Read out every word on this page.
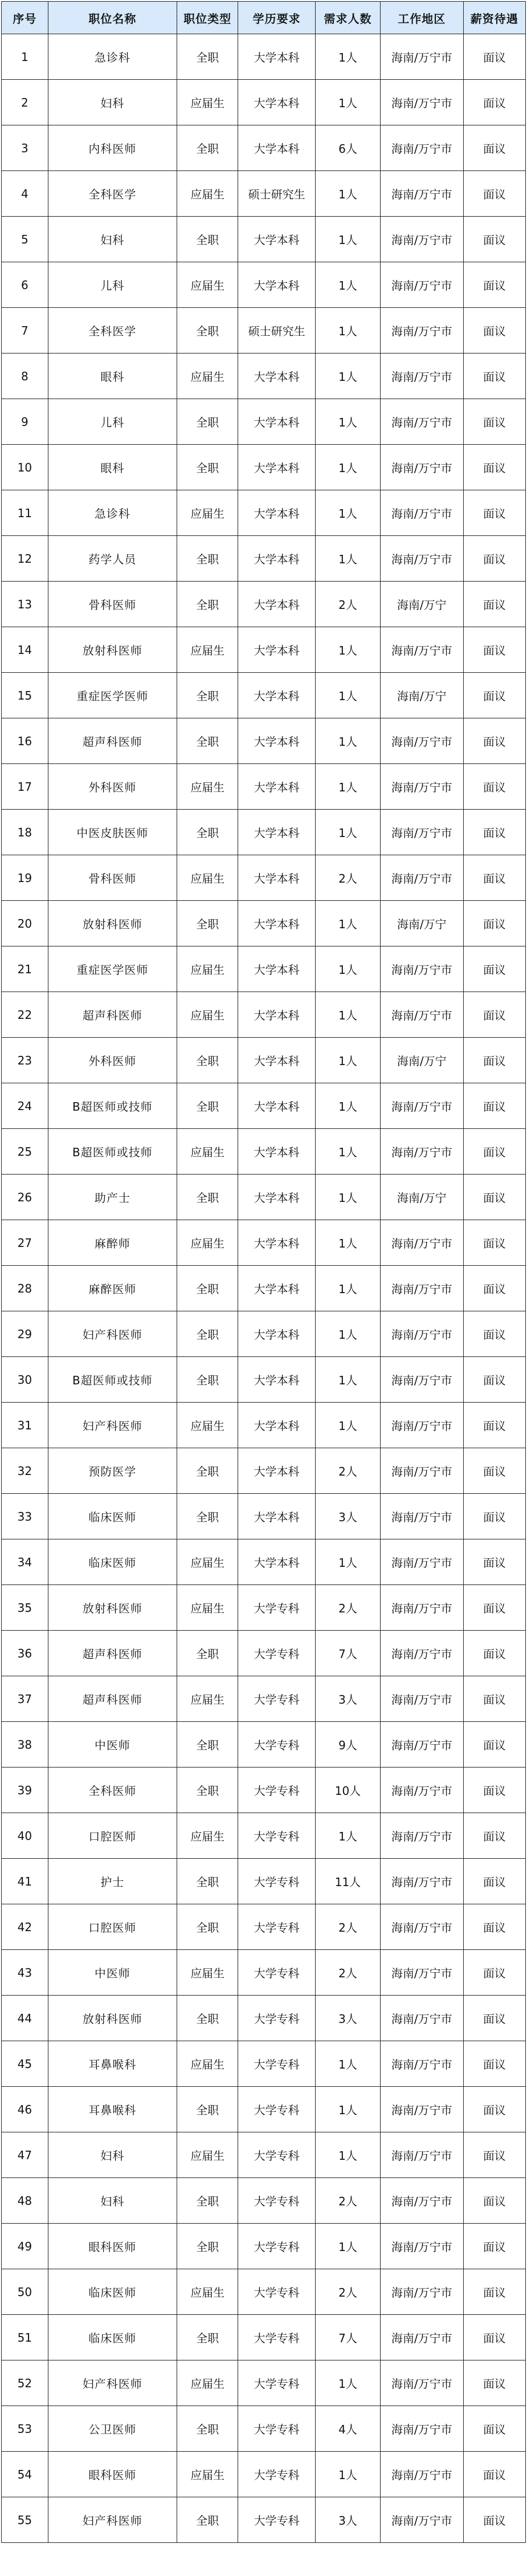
序号	职位名称	职位类型	学历要求	需求人数	工作地区	薪资待遇
1	急诊科	全职	大学本科	1人	海南/万宁市	面议
2	妇科	应届生	大学本科	1人	海南/万宁市	面议
3	内科医师	全职	大学本科	6人	海南/万宁市	面议
4	全科医学	应届生	硕士研究生	1人	海南/万宁市	面议
5	妇科	全职	大学本科	1人	海南/万宁市	面议
6	儿科	应届生	大学本科	1人	海南/万宁市	面议
7	全科医学	全职	硕士研究生	1人	海南/万宁市	面议
8	眼科	应届生	大学本科	1人	海南/万宁市	面议
9	儿科	全职	大学本科	1人	海南/万宁市	面议
10	眼科	全职	大学本科	1人	海南/万宁市	面议
11	急诊科	应届生	大学本科	1人	海南/万宁市	面议
12	药学人员	全职	大学本科	1人	海南/万宁市	面议
13	骨科医师	全职	大学本科	2人	海南/万宁	面议
14	放射科医师	应届生	大学本科	1人	海南/万宁市	面议
15	重症医学医师	全职	大学本科	1人	海南/万宁	面议
16	超声科医师	全职	大学本科	1人	海南/万宁市	面议
17	外科医师	应届生	大学本科	1人	海南/万宁市	面议
18	中医皮肤医师	全职	大学本科	1人	海南/万宁市	面议
19	骨科医师	应届生	大学本科	2人	海南/万宁市	面议
20	放射科医师	全职	大学本科	1人	海南/万宁	面议
21	重症医学医师	应届生	大学本科	1人	海南/万宁市	面议
22	超声科医师	应届生	大学本科	1人	海南/万宁市	面议
23	外科医师	全职	大学本科	1人	海南/万宁	面议
24	B超医师或技师	全职	大学本科	1人	海南/万宁市	面议
25	B超医师或技师	应届生	大学本科	1人	海南/万宁市	面议
26	助产士	全职	大学本科	1人	海南/万宁	面议
27	麻醉师	应届生	大学本科	1人	海南/万宁市	面议
28	麻醉医师	全职	大学本科	1人	海南/万宁市	面议
29	妇产科医师	全职	大学本科	1人	海南/万宁市	面议
30	B超医师或技师	全职	大学本科	1人	海南/万宁市	面议
31	妇产科医师	应届生	大学本科	1人	海南/万宁市	面议
32	预防医学	全职	大学本科	2人	海南/万宁市	面议
33	临床医师	全职	大学本科	3人	海南/万宁市	面议
34	临床医师	应届生	大学本科	1人	海南/万宁市	面议
35	放射科医师	应届生	大学专科	2人	海南/万宁市	面议
36	超声科医师	全职	大学专科	7人	海南/万宁市	面议
37	超声科医师	应届生	大学专科	3人	海南/万宁市	面议
38	中医师	全职	大学专科	9人	海南/万宁市	面议
39	全科医师	全职	大学专科	10人	海南/万宁市	面议
40	口腔医师	应届生	大学专科	1人	海南/万宁市	面议
41	护士	全职	大学专科	11人	海南/万宁市	面议
42	口腔医师	全职	大学专科	2人	海南/万宁市	面议
43	中医师	应届生	大学专科	2人	海南/万宁市	面议
44	放射科医师	全职	大学专科	3人	海南/万宁市	面议
45	耳鼻喉科	应届生	大学专科	1人	海南/万宁市	面议
46	耳鼻喉科	全职	大学专科	1人	海南/万宁市	面议
47	妇科	应届生	大学专科	1人	海南/万宁市	面议
48	妇科	全职	大学专科	2人	海南/万宁市	面议
49	眼科医师	全职	大学专科	1人	海南/万宁市	面议
50	临床医师	应届生	大学专科	2人	海南/万宁市	面议
51	临床医师	全职	大学专科	7人	海南/万宁市	面议
52	妇产科医师	应届生	大学专科	1人	海南/万宁市	面议
53	公卫医师	全职	大学专科	4人	海南/万宁市	面议
54	眼科医师	应届生	大学专科	1人	海南/万宁市	面议
55	妇产科医师	全职	大学专科	3人	海南/万宁市	面议
